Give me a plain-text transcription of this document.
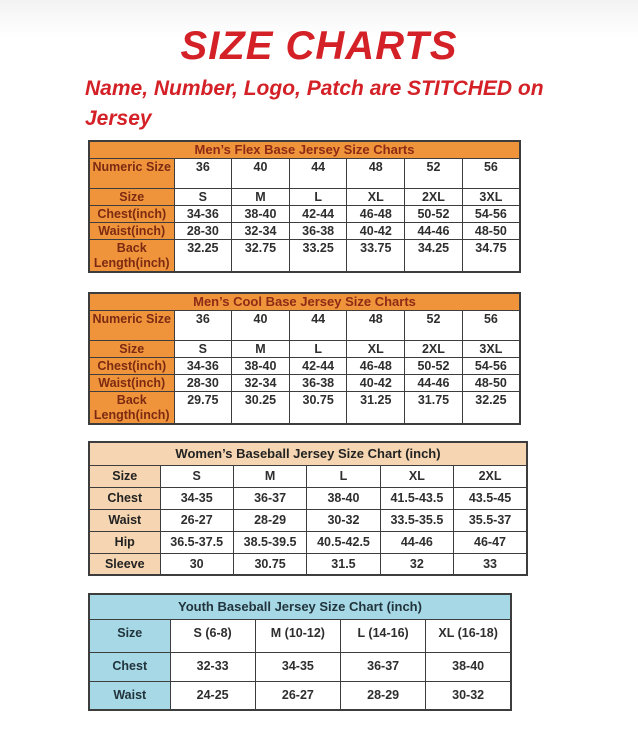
SIZE CHARTS

Name, Number, Logo, Patch are STITCHED on Jersey

Men’s Flex Base Jersey Size Charts						
Numeric Size	36	40	44	48	52	56
Size	S	M	L	XL	2XL	3XL
Chest(inch)	34-36	38-40	42-44	46-48	50-52	54-56
Waist(inch)	28-30	32-34	36-38	40-42	44-46	48-50
Back Length(inch)	32.25	32.75	33.25	33.75	34.25	34.75
Men’s Cool Base Jersey Size Charts						
Numeric Size	36	40	44	48	52	56
Size	S	M	L	XL	2XL	3XL
Chest(inch)	34-36	38-40	42-44	46-48	50-52	54-56
Waist(inch)	28-30	32-34	36-38	40-42	44-46	48-50
Back Length(inch)	29.75	30.25	30.75	31.25	31.75	32.25
Women’s Baseball Jersey Size Chart (inch)					
Size	S	M	L	XL	2XL
Chest	34-35	36-37	38-40	41.5-43.5	43.5-45
Waist	26-27	28-29	30-32	33.5-35.5	35.5-37
Hip	36.5-37.5	38.5-39.5	40.5-42.5	44-46	46-47
Sleeve	30	30.75	31.5	32	33
Youth Baseball Jersey Size Chart (inch)				
Size	S (6-8)	M (10-12)	L (14-16)	XL (16-18)
Chest	32-33	34-35	36-37	38-40
Waist	24-25	26-27	28-29	30-32
